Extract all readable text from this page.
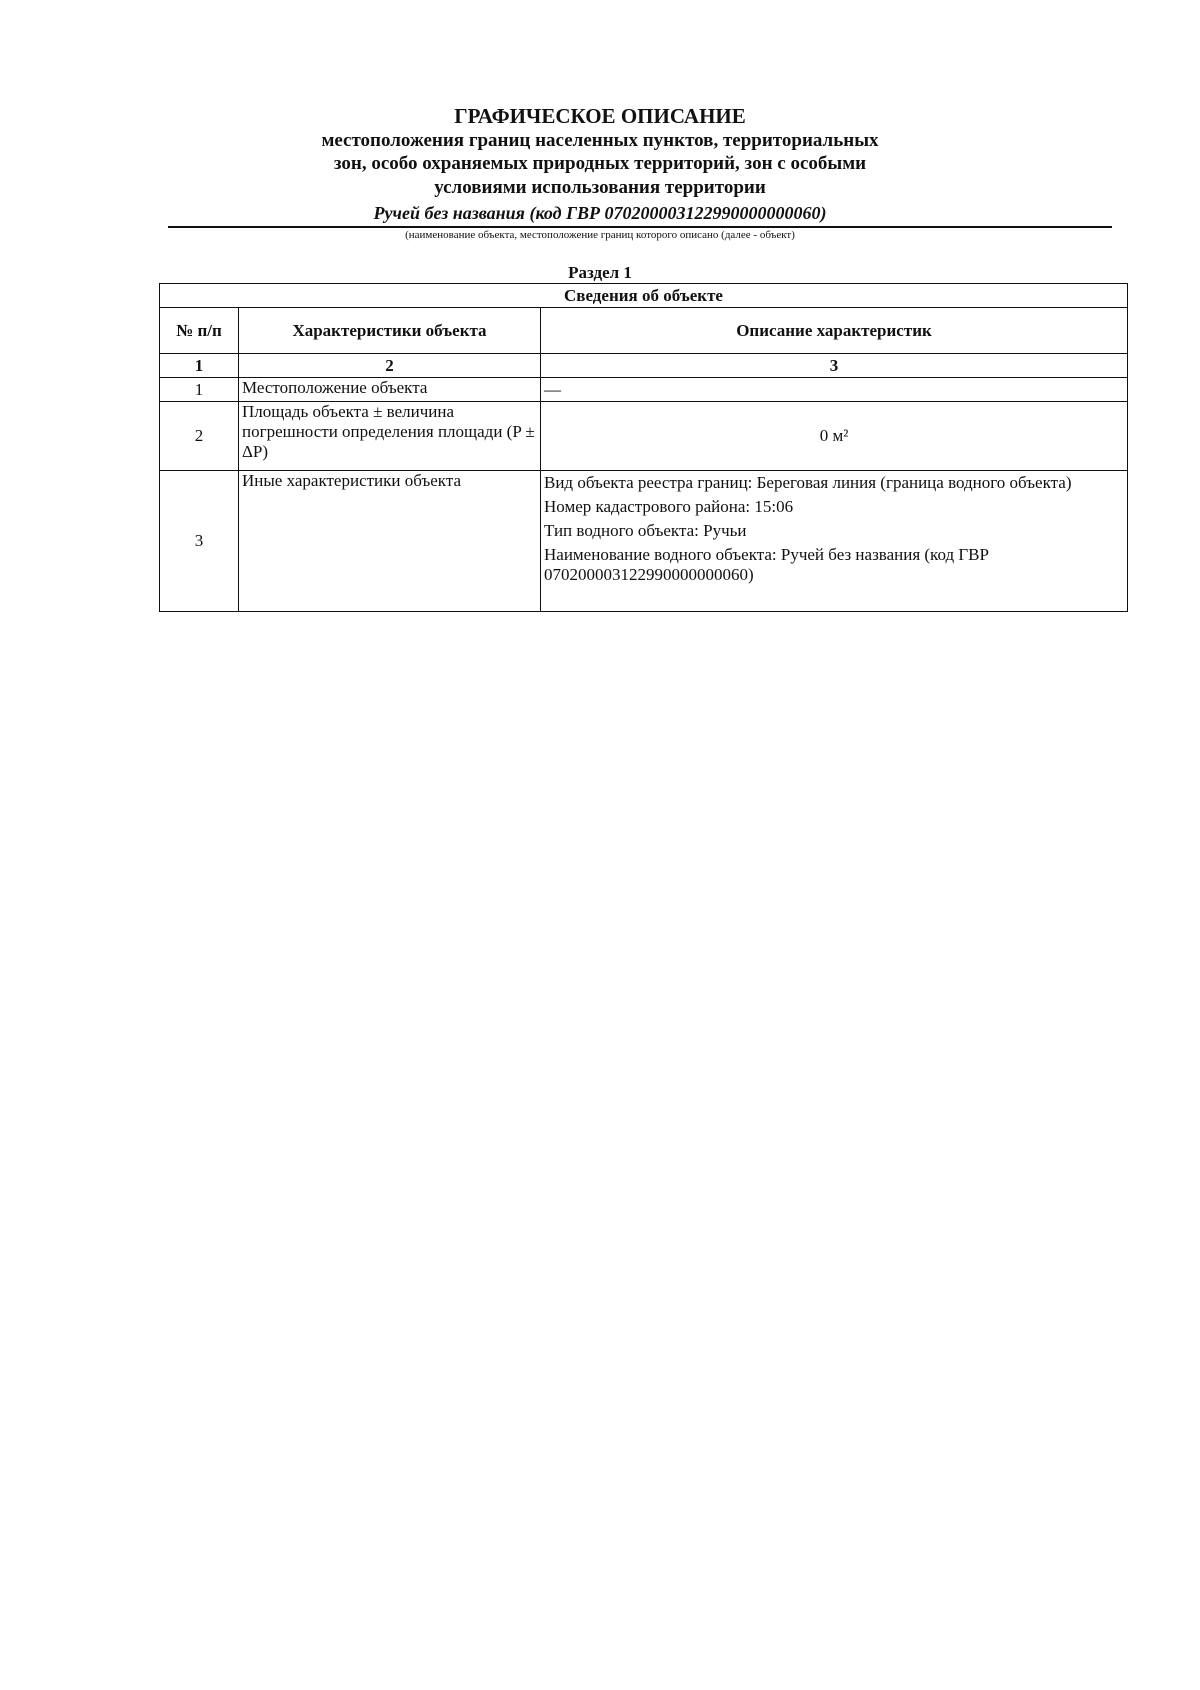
ГРАФИЧЕСКОЕ ОПИСАНИЕ
местоположения границ населенных пунктов, территориальных
зон, особо охраняемых природных территорий, зон с особыми
условиями использования территории
Ручей без названия (код ГВР 070200003122990000000060)
(наименование объекта, местоположение границ которого описано (далее - объект)
Раздел 1
Сведения об объекте		
№ п/п	Характеристики объекта	Описание характеристик
1	2	3
1	Местоположение объекта	—
2	Площадь объекта ± величина погрешности определения площади (P ± ΔP)	0 м²
3	Иные характеристики объекта	Вид объекта реестра границ: Береговая линия (граница водного объекта)
Номер кадастрового района: 15:06
Тип водного объекта: Ручьи
Наименование водного объекта: Ручей без названия (код ГВР 070200003122990000000060)
